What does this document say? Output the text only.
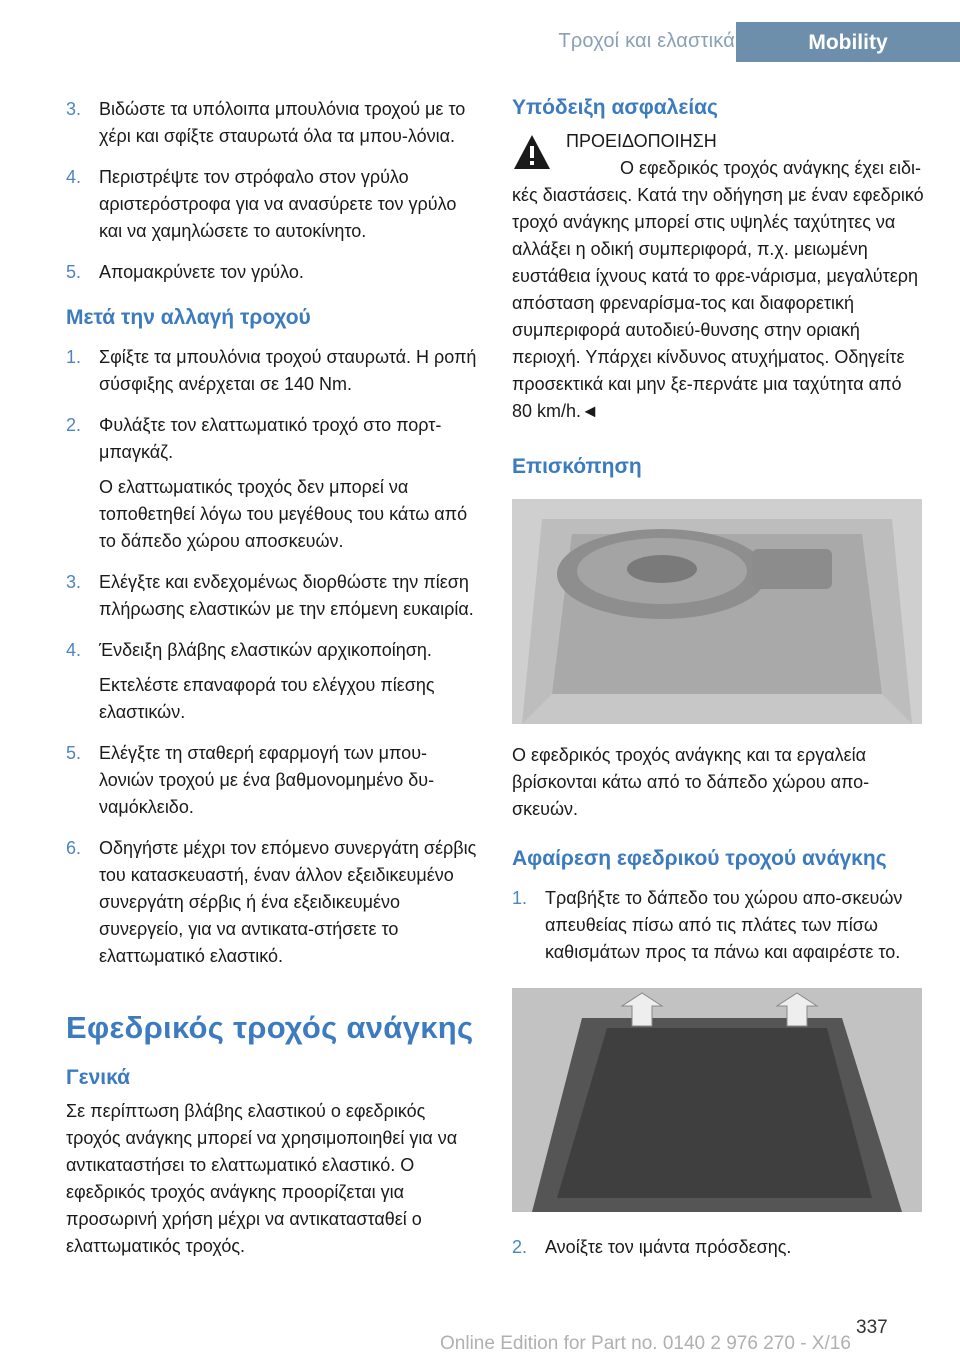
Τροχοί και ελαστικά	Mobility
3. Βιδώστε τα υπόλοιπα μπουλόνια τροχού με το χέρι και σφίξτε σταυρωτά όλα τα μπου‐λόνια.
4. Περιστρέψτε τον στρόφαλο στον γρύλο αριστερόστροφα για να ανασύρετε τον γρύλο και να χαμηλώσετε το αυτοκίνητο.
5. Απομακρύνετε τον γρύλο.
Μετά την αλλαγή τροχού
1. Σφίξτε τα μπουλόνια τροχού σταυρωτά. Η ροπή σύσφιξης ανέρχεται σε 140 Nm.
2. Φυλάξτε τον ελαττωματικό τροχό στο πορτ-μπαγκάζ.
Ο ελαττωματικός τροχός δεν μπορεί να τοποθετηθεί λόγω του μεγέθους του κάτω από το δάπεδο χώρου αποσκευών.
3. Ελέγξτε και ενδεχομένως διορθώστε την πίεση πλήρωσης ελαστικών με την επόμενη ευκαιρία.
4. Ένδειξη βλάβης ελαστικών αρχικοποίηση.
Εκτελέστε επαναφορά του ελέγχου πίεσης ελαστικών.
5. Ελέγξτε τη σταθερή εφαρμογή των μπου‐λονιών τροχού με ένα βαθμονομημένο δυ‐ναμόκλειδο.
6. Οδηγήστε μέχρι τον επόμενο συνεργάτη σέρβις του κατασκευαστή, έναν άλλον εξειδικευμένο συνεργάτη σέρβις ή ένα εξειδικευμένο συνεργείο, για να αντικατα‐στήσετε το ελαττωματικό ελαστικό.
Εφεδρικός τροχός ανάγκης
Γενικά

Σε περίπτωση βλάβης ελαστικού ο εφεδρικός τροχός ανάγκης μπορεί να χρησιμοποιηθεί για να αντικαταστήσει το ελαττωματικό ελαστικό. Ο εφεδρικός τροχός ανάγκης προορίζεται για προσωρινή χρήση μέχρι να αντικατασταθεί ο ελαττωματικός τροχός.

Υπόδειξη ασφαλείας
ΠΡΟΕΙΔΟΠΟΙΗΣΗ
Ο εφεδρικός τροχός ανάγκης έχει ειδι‐κές διαστάσεις. Κατά την οδήγηση με έναν εφεδρικό τροχό ανάγκης μπορεί στις υψηλές ταχύτητες να αλλάξει η οδική συμπεριφορά, π.χ. μειωμένη ευστάθεια ίχνους κατά το φρε‐νάρισμα, μεγαλύτερη απόσταση φρεναρίσμα‐τος και διαφορετική συμπεριφορά αυτοδιεύ‐θυνσης στην οριακή περιοχή. Υπάρχει κίνδυνος ατυχήματος. Οδηγείτε προσεκτικά και μην ξε‐περνάτε μια ταχύτητα από 80 km/h.◄
Επισκόπηση

Ο εφεδρικός τροχός ανάγκης και τα εργαλεία βρίσκονται κάτω από το δάπεδο χώρου απο‐σκευών.

Αφαίρεση εφεδρικού τροχού ανάγκης
1. Τραβήξτε το δάπεδο του χώρου απο‐σκευών απευθείας πίσω από τις πλάτες των πίσω καθισμάτων προς τα πάνω και αφαιρέστε το.
2. Ανοίξτε τον ιμάντα πρόσδεσης.
337
Online Edition for Part no. 0140 2 976 270 - X/16
